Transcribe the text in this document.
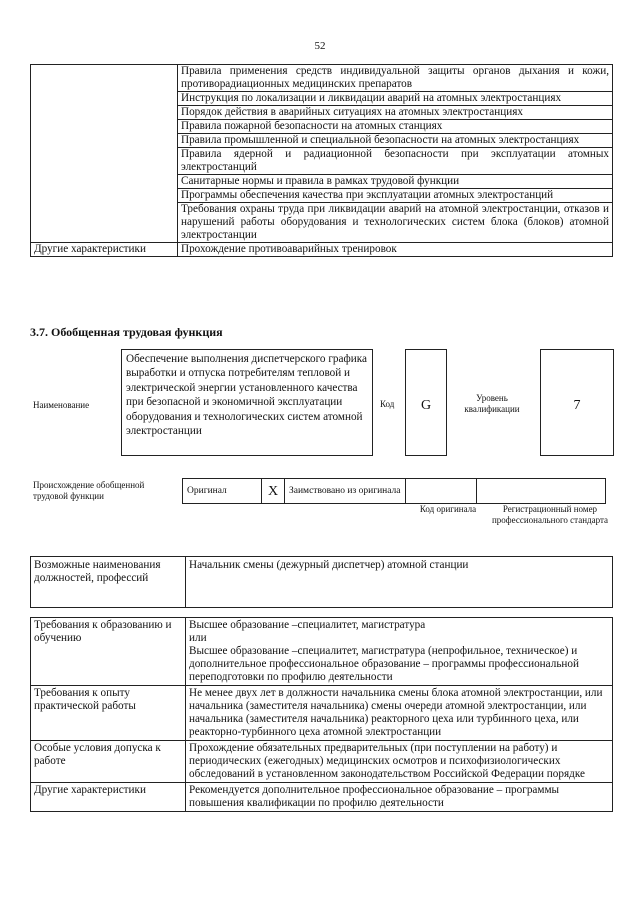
52
	Правила применения средств индивидуальной защиты органов дыхания и кожи, противорадиационных медицинских препаратов
	Инструкция по локализации и ликвидации аварий на атомных электростанциях
	Порядок действия в аварийных ситуациях на атомных электростанциях
	Правила пожарной безопасности на атомных станциях
	Правила промышленной и специальной безопасности на атомных электростанциях
	Правила ядерной и радиационной безопасности при эксплуатации атомных электростанций
	Санитарные нормы и правила в рамках трудовой функции
	Программы обеспечения качества при эксплуатации атомных электростанций
	Требования охраны труда при ликвидации аварий на атомной электростанции, отказов и нарушений работы оборудования и технологических систем блока (блоков) атомной электростанции
Другие характеристики	Прохождение противоаварийных тренировок
3.7. Обобщенная трудовая функция
Наименование
Обеспечение выполнения диспетчерского графика выработки и отпуска потребителям тепловой и электрической энергии установленного качества при безопасной и экономичной эксплуатации оборудования и технологических систем атомной электростанции
Код	G	Уровень квалификации	7
Происхождение обобщенной трудовой функции
Оригинал	X	Заимствовано из оригинала		
Код оригинала	Регистрационный номер профессионального стандарта
Возможные наименования должностей, профессий	Начальник смены (дежурный диспетчер) атомной станции
Требования к образованию и обучению	Высшее образование –специалитет, магистратура
или
Высшее образование –специалитет, магистратура (непрофильное, техническое) и дополнительное профессиональное образование – программы профессиональной переподготовки по профилю деятельности

Требования к опыту практической работы	Не менее двух лет в должности начальника смены блока атомной электростанции, или начальника (заместителя начальника) смены очереди атомной электростанции, или начальника (заместителя начальника) реакторного цеха или турбинного цеха, или реакторно-турбинного цеха атомной электростанции
Особые условия допуска к работе	Прохождение обязательных предварительных (при поступлении на работу) и периодических (ежегодных) медицинских осмотров и психофизиологических обследований в установленном законодательством Российской Федерации порядке
Другие характеристики	Рекомендуется дополнительное профессиональное образование – программы повышения квалификации по профилю деятельности
